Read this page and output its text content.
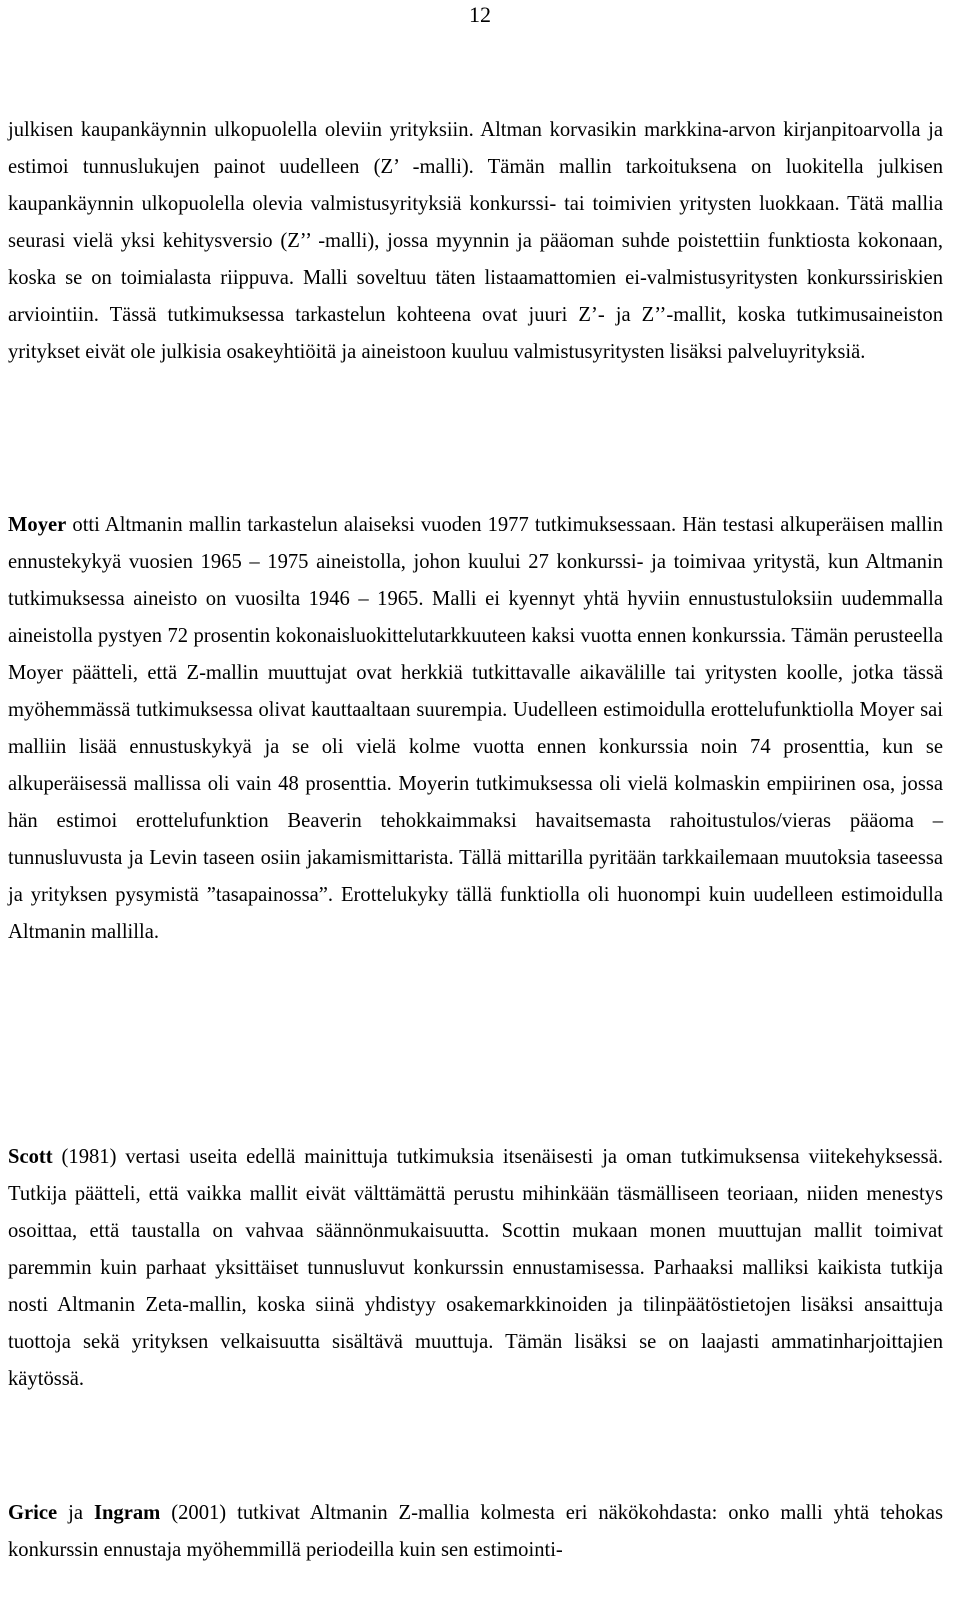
12

julkisen kaupankäynnin ulkopuolella oleviin yrityksiin. Altman korvasikin markkina-arvon kirjanpitoarvolla ja estimoi tunnuslukujen painot uudelleen (Z’ -malli). Tämän mallin tarkoituksena on luokitella julkisen kaupankäynnin ulkopuolella olevia valmistusyrityksiä konkurssi- tai toimivien yritysten luokkaan. Tätä mallia seurasi vielä yksi kehitysversio (Z’’ -malli), jossa myynnin ja pääoman suhde poistettiin funktiosta kokonaan, koska se on toimialasta riippuva. Malli soveltuu täten listaamattomien ei-valmistusyritysten konkurssiriskien arviointiin. Tässä tutkimuksessa tarkastelun kohteena ovat juuri Z’- ja Z’’-mallit, koska tutkimusaineiston yritykset eivät ole julkisia osakeyhtiöitä ja aineistoon kuuluu valmistusyritysten lisäksi palveluyrityksiä.

Moyer otti Altmanin mallin tarkastelun alaiseksi vuoden 1977 tutkimuksessaan. Hän testasi alkuperäisen mallin ennustekykyä vuosien 1965 – 1975 aineistolla, johon kuului 27 konkurssi- ja toimivaa yritystä, kun Altmanin tutkimuksessa aineisto on vuosilta 1946 – 1965. Malli ei kyennyt yhtä hyviin ennustustuloksiin uudemmalla aineistolla pystyen 72 prosentin kokonaisluokittelutarkkuuteen kaksi vuotta ennen konkurssia. Tämän perusteella Moyer päätteli, että Z-mallin muuttujat ovat herkkiä tutkittavalle aikavälille tai yritysten koolle, jotka tässä myöhemmässä tutkimuksessa olivat kauttaaltaan suurempia. Uudelleen estimoidulla erottelufunktiolla Moyer sai malliin lisää ennustuskykyä ja se oli vielä kolme vuotta ennen konkurssia noin 74 prosenttia, kun se alkuperäisessä mallissa oli vain 48 prosenttia. Moyerin tutkimuksessa oli vielä kolmaskin empiirinen osa, jossa hän estimoi erottelufunktion Beaverin tehokkaimmaksi havaitsemasta rahoitustulos/vieras pääoma –tunnusluvusta ja Levin taseen osiin jakamismittarista. Tällä mittarilla pyritään tarkkailemaan muutoksia taseessa ja yrityksen pysymistä ”tasapainossa”. Erottelukyky tällä funktiolla oli huonompi kuin uudelleen estimoidulla Altmanin mallilla.

Scott (1981) vertasi useita edellä mainittuja tutkimuksia itsenäisesti ja oman tutkimuksensa viitekehyksessä. Tutkija päätteli, että vaikka mallit eivät välttämättä perustu mihinkään täsmälliseen teoriaan, niiden menestys osoittaa, että taustalla on vahvaa säännönmukaisuutta. Scottin mukaan monen muuttujan mallit toimivat paremmin kuin parhaat yksittäiset tunnusluvut konkurssin ennustamisessa. Parhaaksi malliksi kaikista tutkija nosti Altmanin Zeta-mallin, koska siinä yhdistyy osakemarkkinoiden ja tilinpäätöstietojen lisäksi ansaittuja tuottoja sekä yrityksen velkaisuutta sisältävä muuttuja. Tämän lisäksi se on laajasti ammatinharjoittajien käytössä.

Grice ja Ingram (2001) tutkivat Altmanin Z-mallia kolmesta eri näkökohdasta: onko malli yhtä tehokas konkurssin ennustaja myöhemmillä periodeilla kuin sen estimointi-
